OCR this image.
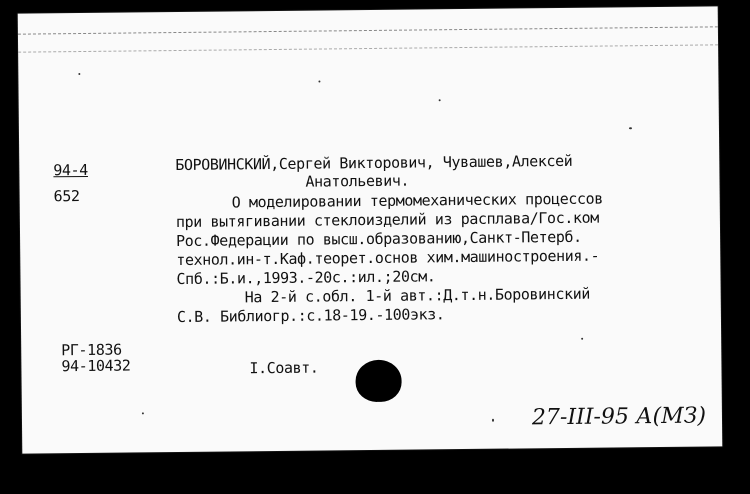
94-4
652
БОРОВИНСКИЙ,Сергей Викторович, Чувашев,Алексей
Анатольевич.
О моделировании термомеханических процессов
при вытягивании стеклоизделий из расплава/Гос.ком
Рос.Федерации по высш.образованию,Санкт-Петерб.
технол.ин-т.Каф.теорет.основ хим.машиностроения.-
Спб.:Б.и.,1993.-20с.:ил.;20см.
На 2-й с.обл. 1-й авт.:Д.т.н.Боровинский
С.В. Библиогр.:с.18-19.-100экз.
РГ-1836
94-10432	I.Соавт.
27-III-95 А(МЗ)
